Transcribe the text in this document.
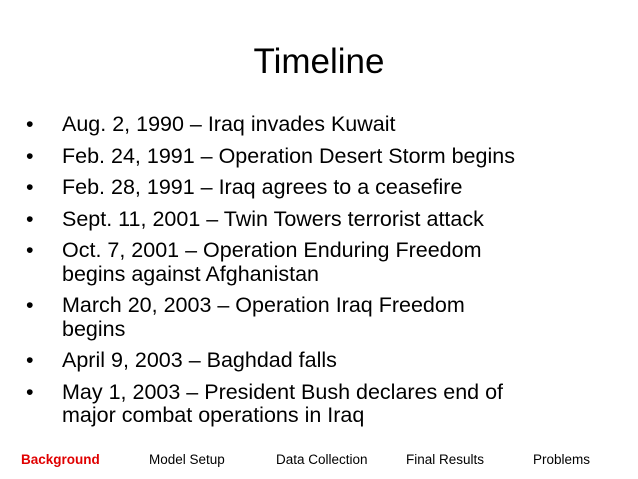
Timeline
•	Aug. 2, 1990 – Iraq invades Kuwait
•	Feb. 24, 1991 – Operation Desert Storm begins
•	Feb. 28, 1991 – Iraq agrees to a ceasefire
•	Sept. 11, 2001 – Twin Towers terrorist attack
•	Oct. 7, 2001 – Operation Enduring Freedom
begins against Afghanistan
•	March 20, 2003 – Operation Iraq Freedom
begins
•	April 9, 2003 – Baghdad falls
•	May 1, 2003 – President Bush declares end of
major combat operations in Iraq
Background	Model Setup	Data Collection	Final Results	Problems
